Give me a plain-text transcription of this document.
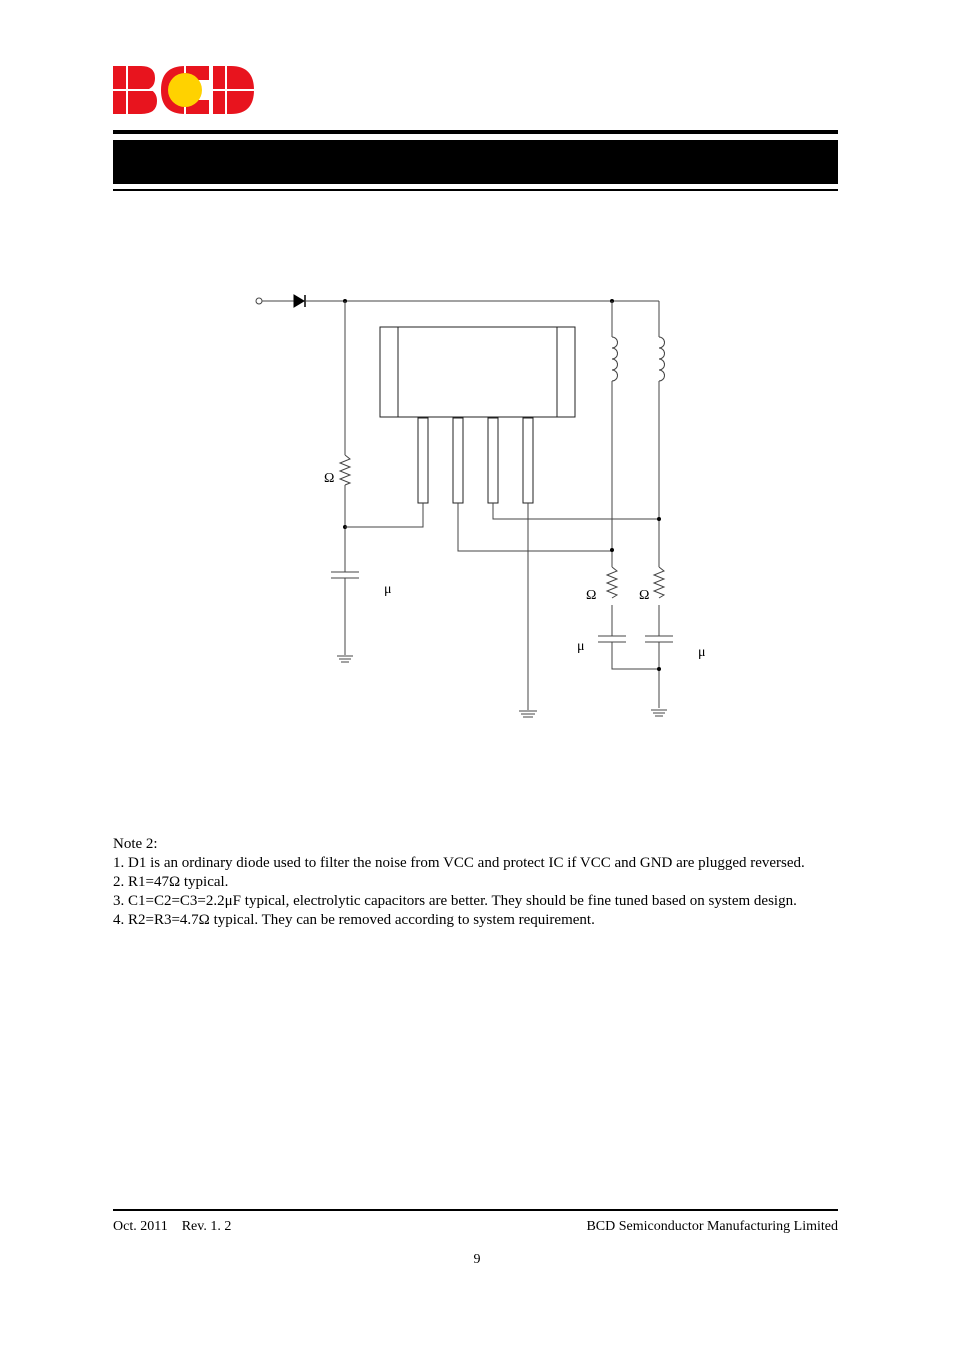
Ω
μ	Ω	Ω
μ	μ

Note 2:

1. D1 is an ordinary diode used to filter the noise from VCC and protect IC if VCC and GND are plugged reversed.

2. R1=47Ω typical.

3. C1=C2=C3=2.2μF typical, electrolytic capacitors are better. They should be fine tuned based on system design.

4. R2=R3=4.7Ω typical. They can be removed according to system requirement.

Oct. 2011    Rev. 1. 2	BCD Semiconductor Manufacturing Limited
9
